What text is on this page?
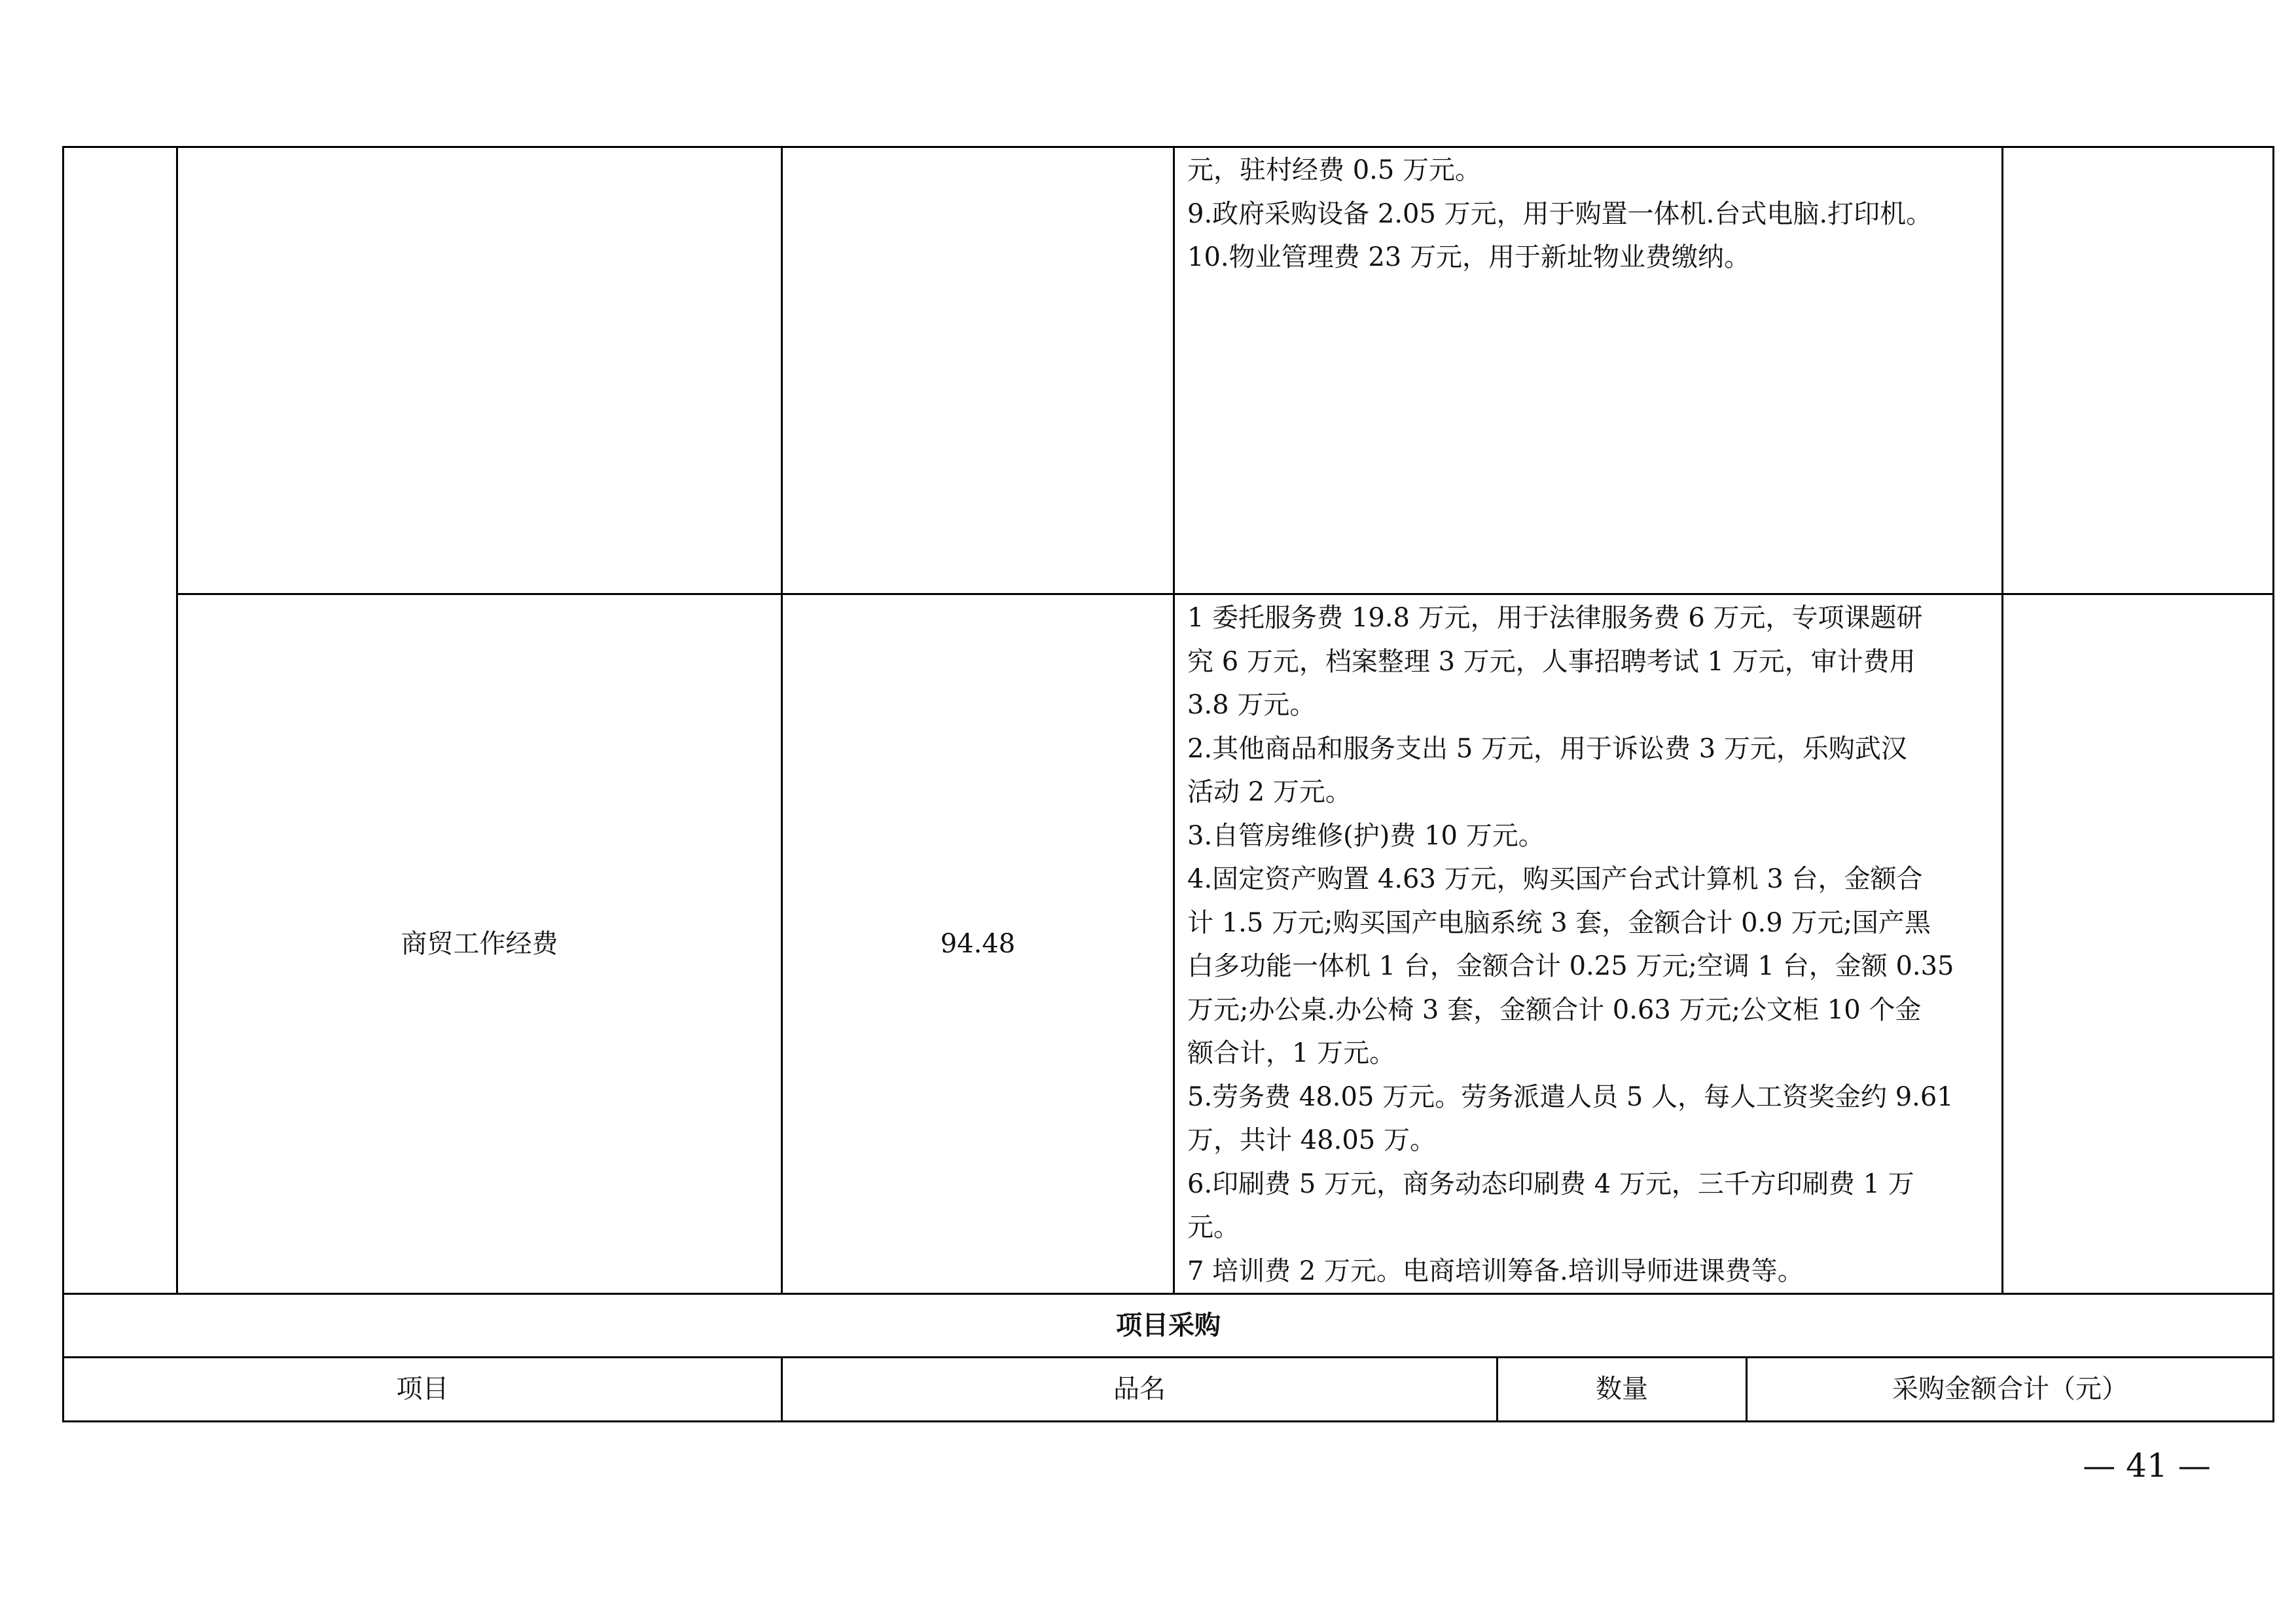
元，驻村经费 0.5 万元。
9.政府采购设备 2.05 万元，用于购置一体机.台式电脑.打印机。
10.物业管理费 23 万元，用于新址物业费缴纳。
商贸工作经费	94.48
1 委托服务费 19.8 万元，用于法律服务费 6 万元，专项课题研
究 6 万元，档案整理 3 万元，人事招聘考试 1 万元，审计费用
3.8 万元。
2.其他商品和服务支出 5 万元，用于诉讼费 3 万元，乐购武汉
活动 2 万元。
3.自管房维修(护)费 10 万元。
4.固定资产购置 4.63 万元，购买国产台式计算机 3 台，金额合
计 1.5 万元;购买国产电脑系统 3 套，金额合计 0.9 万元;国产黑
白多功能一体机 1 台，金额合计 0.25 万元;空调 1 台，金额 0.35
万元;办公桌.办公椅 3 套，金额合计 0.63 万元;公文柜 10 个金
额合计，1 万元。
5.劳务费 48.05 万元。劳务派遣人员 5 人，每人工资奖金约 9.61
万，共计 48.05 万。
6.印刷费 5 万元，商务动态印刷费 4 万元，三千方印刷费 1 万
元。
7 培训费 2 万元。电商培训筹备.培训导师进课费等。
项目采购
项目	品名	数量	采购金额合计（元）
— 41 —
